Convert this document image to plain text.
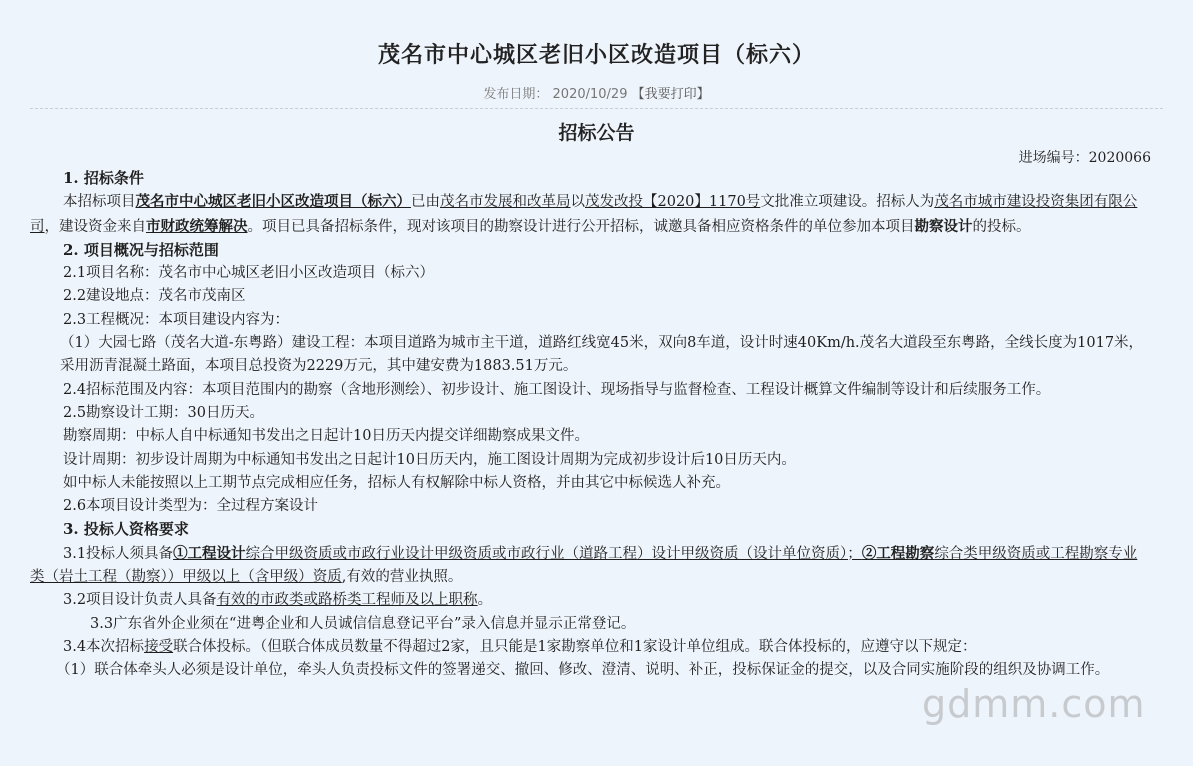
茂名市中心城区老旧小区改造项目（标六）
发布日期： 2020/10/29 【我要打印】
招标公告
进场编号：2020066

1. 招标条件

本招标项目茂名市中心城区老旧小区改造项目（标六）已由茂名市发展和改革局以茂发改投【2020】1170号文批准立项建设。招标人为茂名市城市建设投资集团有限公司，建设资金来自市财政统筹解决。项目已具备招标条件，现对该项目的勘察设计进行公开招标，诚邀具备相应资格条件的单位参加本项目勘察设计的投标。

2. 项目概况与招标范围

2.1项目名称：茂名市中心城区老旧小区改造项目（标六）

2.2建设地点：茂名市茂南区

2.3工程概况：本项目建设内容为：

（1）大园七路（茂名大道-东粤路）建设工程：本项目道路为城市主干道，道路红线宽45米，双向8车道，设计时速40Km/h.茂名大道段至东粤路，全线长度为1017米，采用沥青混凝土路面，本项目总投资为2229万元，其中建安费为1883.51万元。

2.4招标范围及内容：本项目范围内的勘察（含地形测绘）、初步设计、施工图设计、现场指导与监督检查、工程设计概算文件编制等设计和后续服务工作。

2.5勘察设计工期：30日历天。

勘察周期：中标人自中标通知书发出之日起计10日历天内提交详细勘察成果文件。

设计周期：初步设计周期为中标通知书发出之日起计10日历天内，施工图设计周期为完成初步设计后10日历天内。

如中标人未能按照以上工期节点完成相应任务，招标人有权解除中标人资格，并由其它中标候选人补充。

2.6本项目设计类型为：全过程方案设计

3. 投标人资格要求

3.1投标人须具备①工程设计综合甲级资质或市政行业设计甲级资质或市政行业（道路工程）设计甲级资质（设计单位资质）；②工程勘察综合类甲级资质或工程勘察专业类（岩土工程（勘察））甲级以上（含甲级）资质,有效的营业执照。

3.2项目设计负责人具备有效的市政类或路桥类工程师及以上职称。

3.3广东省外企业须在“进粤企业和人员诚信信息登记平台”录入信息并显示正常登记。

3.4本次招标接受联合体投标。（但联合体成员数量不得超过2家，且只能是1家勘察单位和1家设计单位组成。联合体投标的，应遵守以下规定：

（1）联合体牵头人必须是设计单位，牵头人负责投标文件的签署递交、撤回、修改、澄清、说明、补正，投标保证金的提交，以及合同实施阶段的组织及协调工作。

gdmm.com
